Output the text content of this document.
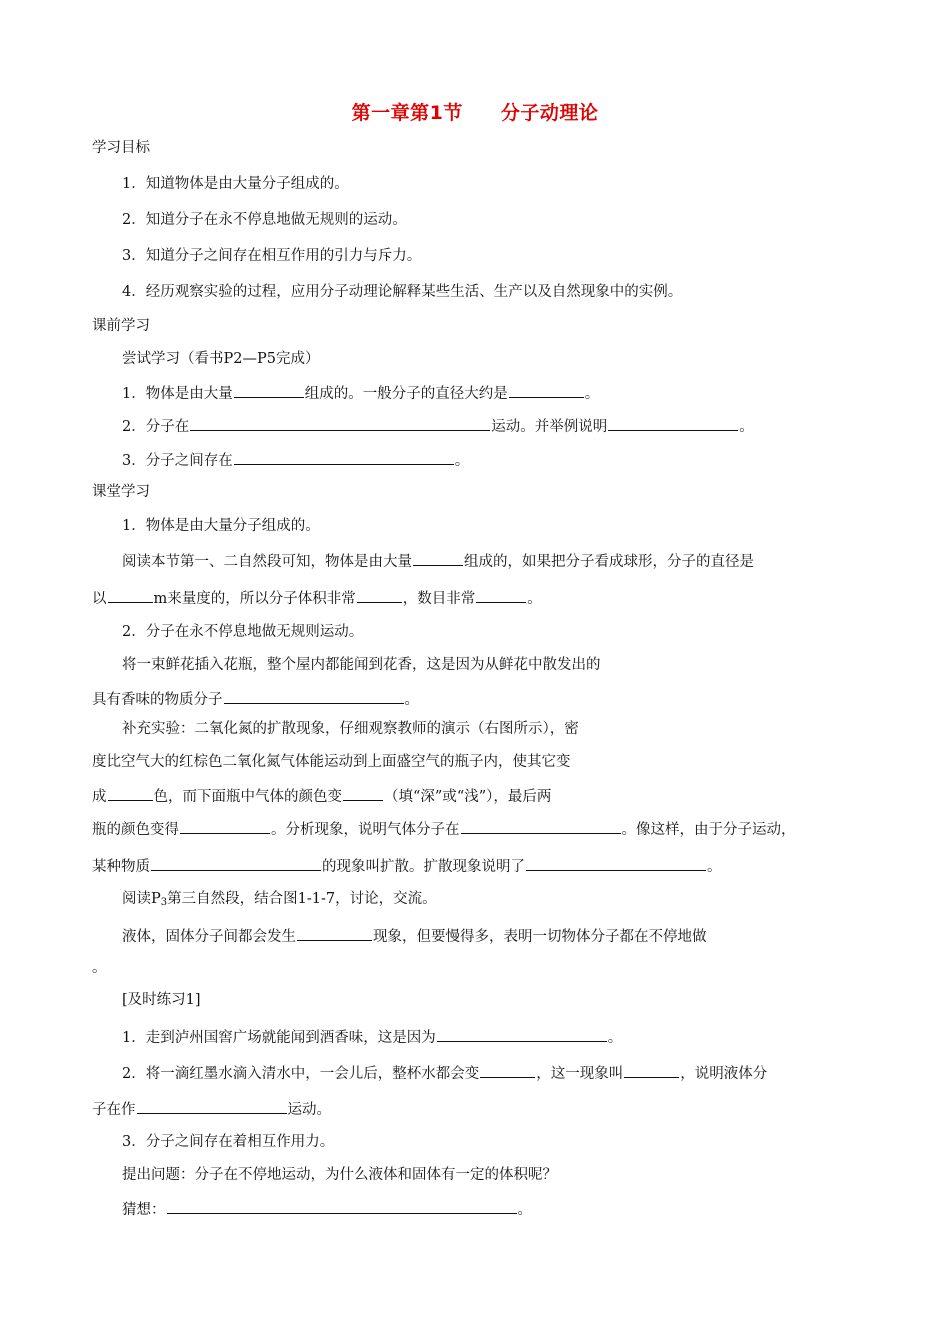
第一章第1节 分子动理论
学习目标
1．知道物体是由大量分子组成的。
2．知道分子在永不停息地做无规则的运动。
3．知道分子之间存在相互作用的引力与斥力。
4．经历观察实验的过程，应用分子动理论解释某些生活、生产以及自然现象中的实例。
课前学习
尝试学习（看书P2—P5完成）
1．物体是由大量	组成的。一般分子的直径大约是	。
2．分子在	运动。并举例说明	。
3．分子之间存在	。
课堂学习
1．物体是由大量分子组成的。
阅读本节第一、二自然段可知，物体是由大量	组成的，如果把分子看成球形，分子的直径是
以	m来量度的，所以分子体积非常	，数目非常	。
2．分子在永不停息地做无规则运动。
将一束鲜花插入花瓶，整个屋内都能闻到花香，这是因为从鲜花中散发出的
具有香味的物质分子	。
补充实验：二氧化氮的扩散现象，仔细观察教师的演示（右图所示），密
度比空气大的红棕色二氧化氮气体能运动到上面盛空气的瓶子内，使其它变
成	色，而下面瓶中气体的颜色变	（填“深”或“浅”），最后两
瓶的颜色变得	。分析现象，说明气体分子在	。像这样，由于分子运动，
某种物质	的现象叫扩散。扩散现象说明了	。
阅读$P_3$第三自然段，结合图1-1-7，讨论，交流。
液体，固体分子间都会发生	现象，但要慢得多，表明一切物体分子都在不停地做
。
[及时练习1]
1．走到泸州国窖广场就能闻到酒香味，这是因为	。
2．将一滴红墨水滴入清水中，一会儿后，整杯水都会变	，这一现象叫	，说明液体分
子在作	运动。
3．分子之间存在着相互作用力。
提出问题：分子在不停地运动，为什么液体和固体有一定的体积呢？
猜想：	。
